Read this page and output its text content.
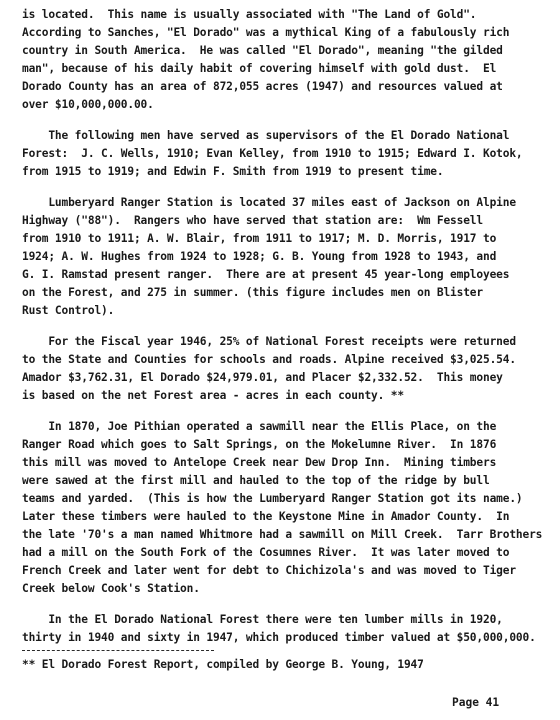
is located.  This name is usually associated with "The Land of Gold".
According to Sanches, "El Dorado" was a mythical King of a fabulously rich
country in South America.  He was called "El Dorado", meaning "the gilded
man", because of his daily habit of covering himself with gold dust.  El
Dorado County has an area of 872,055 acres (1947) and resources valued at
over $10,000,000.00.
The following men have served as supervisors of the El Dorado National
Forest:  J. C. Wells, 1910; Evan Kelley, from 1910 to 1915; Edward I. Kotok,
from 1915 to 1919; and Edwin F. Smith from 1919 to present time.
Lumberyard Ranger Station is located 37 miles east of Jackson on Alpine
Highway ("88").  Rangers who have served that station are:  Wm Fessell
from 1910 to 1911; A. W. Blair, from 1911 to 1917; M. D. Morris, 1917 to
1924; A. W. Hughes from 1924 to 1928; G. B. Young from 1928 to 1943, and
G. I. Ramstad present ranger.  There are at present 45 year-long employees
on the Forest, and 275 in summer. (this figure includes men on Blister
Rust Control).
For the Fiscal year 1946, 25% of National Forest receipts were returned
to the State and Counties for schools and roads. Alpine received $3,025.54.
Amador $3,762.31, El Dorado $24,979.01, and Placer $2,332.52.  This money
is based on the net Forest area - acres in each county. **
In 1870, Joe Pithian operated a sawmill near the Ellis Place, on the
Ranger Road which goes to Salt Springs, on the Mokelumne River.  In 1876
this mill was moved to Antelope Creek near Dew Drop Inn.  Mining timbers
were sawed at the first mill and hauled to the top of the ridge by bull
teams and yarded.  (This is how the Lumberyard Ranger Station got its name.)
Later these timbers were hauled to the Keystone Mine in Amador County.  In
the late '70's a man named Whitmore had a sawmill on Mill Creek.  Tarr Brothers
had a mill on the South Fork of the Cosumnes River.  It was later moved to
French Creek and later went for debt to Chichizola's and was moved to Tiger
Creek below Cook's Station.
In the El Dorado National Forest there were ten lumber mills in 1920,
thirty in 1940 and sixty in 1947, which produced timber valued at $50,000,000.
** El Dorado Forest Report, compiled by George B. Young, 1947
Page 41
